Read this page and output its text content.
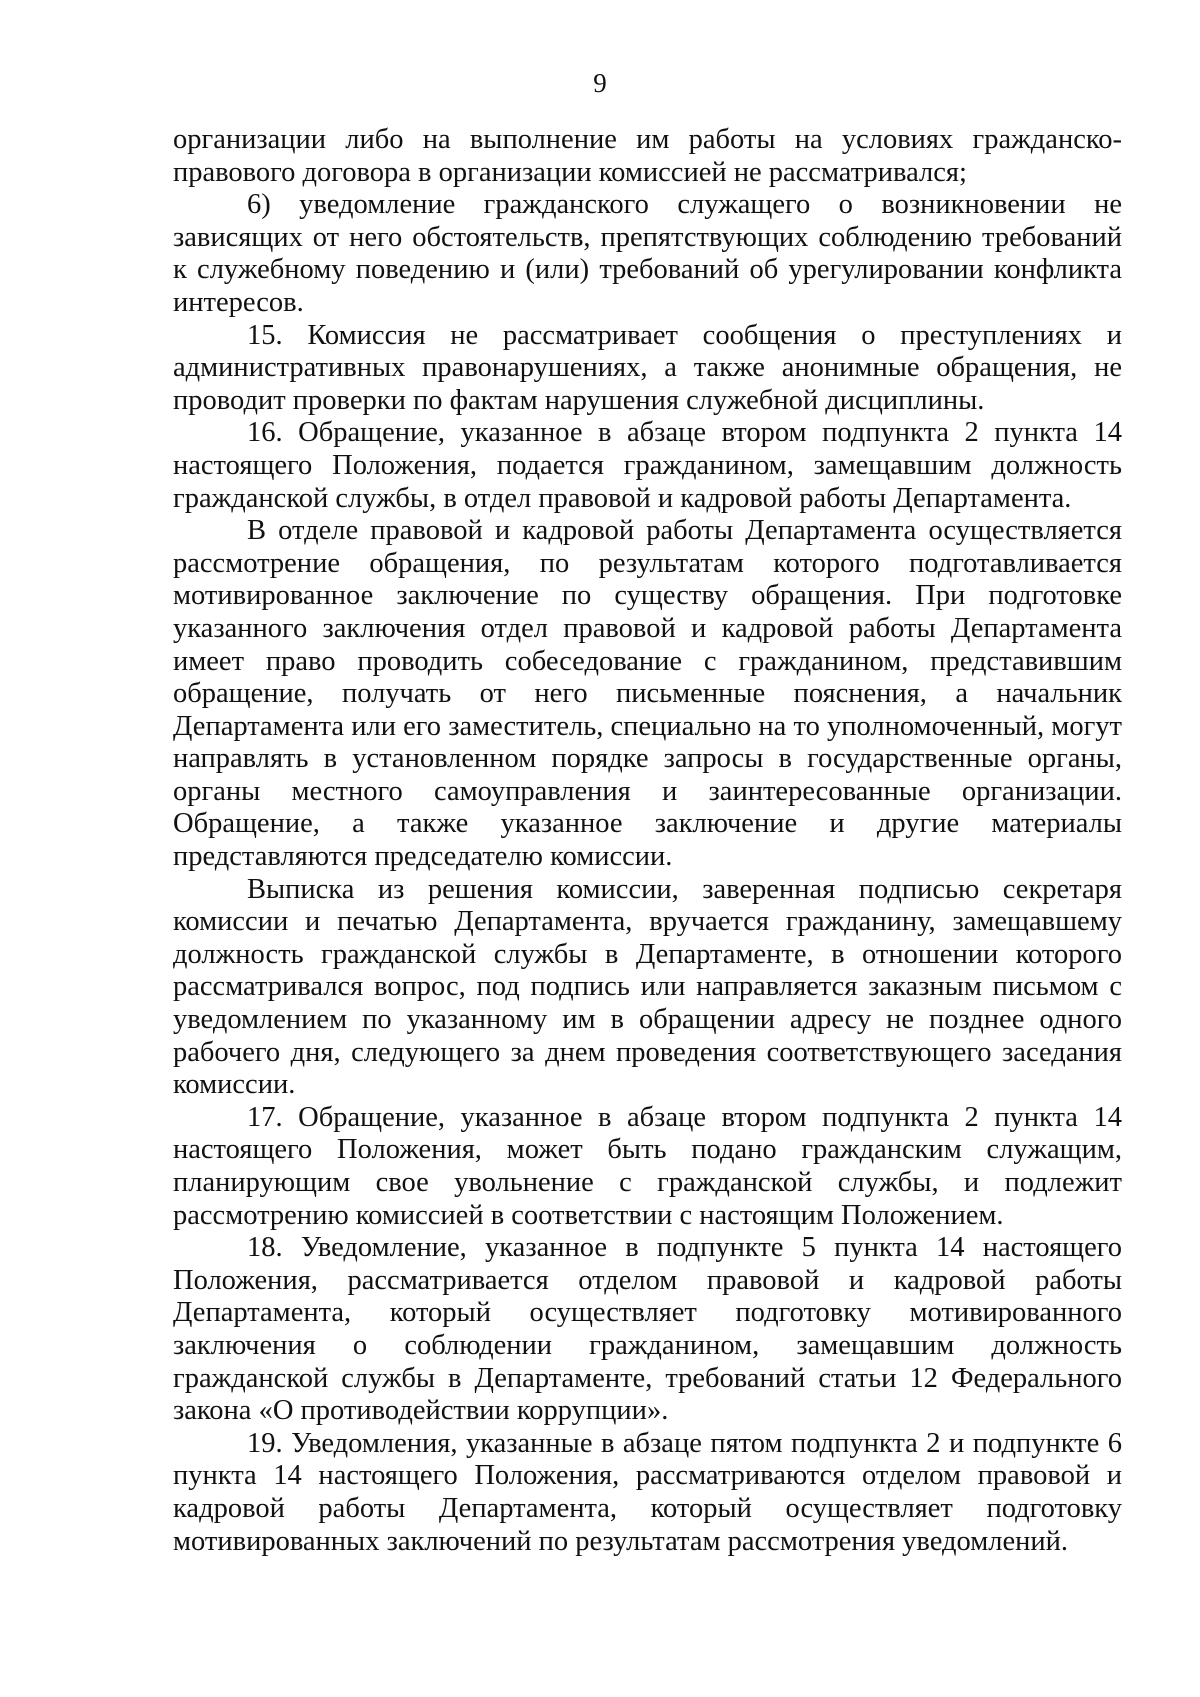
9

организации либо на выполнение им работы на условиях гражданско-правового договора в организации комиссией не рассматривался;

6) уведомление гражданского служащего о возникновении не зависящих от него обстоятельств, препятствующих соблюдению требований к служебному поведению и (или) требований об урегулировании конфликта интересов.

15. Комиссия не рассматривает сообщения о преступлениях и административных правонарушениях, а также анонимные обращения, не проводит проверки по фактам нарушения служебной дисциплины.

16. Обращение, указанное в абзаце втором подпункта 2 пункта 14 настоящего Положения, подается гражданином, замещавшим должность гражданской службы, в отдел правовой и кадровой работы Департамента.

В отделе правовой и кадровой работы Департамента осуществляется рассмотрение обращения, по результатам которого подготавливается мотивированное заключение по существу обращения. При подготовке указанного заключения отдел правовой и кадровой работы Департамента имеет право проводить собеседование с гражданином, представившим обращение, получать от него письменные пояснения, а начальник Департамента или его заместитель, специально на то уполномоченный, могут направлять в установленном порядке запросы в государственные органы, органы местного самоуправления и заинтересованные организации. Обращение, а также указанное заключение и другие материалы представляются председателю комиссии.

Выписка из решения комиссии, заверенная подписью секретаря комиссии и печатью Департамента, вручается гражданину, замещавшему должность гражданской службы в Департаменте, в отношении которого рассматривался вопрос, под подпись или направляется заказным письмом с уведомлением по указанному им в обращении адресу не позднее одного рабочего дня, следующего за днем проведения соответствующего заседания комиссии.

17. Обращение, указанное в абзаце втором подпункта 2 пункта 14 настоящего Положения, может быть подано гражданским служащим, планирующим свое увольнение с гражданской службы, и подлежит рассмотрению комиссией в соответствии с настоящим Положением.

18. Уведомление, указанное в подпункте 5 пункта 14 настоящего Положения, рассматривается отделом правовой и кадровой работы Департамента, который осуществляет подготовку мотивированного заключения о соблюдении гражданином, замещавшим должность гражданской службы в Департаменте, требований статьи 12 Федерального закона «О противодействии коррупции».

19. Уведомления, указанные в абзаце пятом подпункта 2 и подпункте 6 пункта 14 настоящего Положения, рассматриваются отделом правовой и кадровой работы Департамента, который осуществляет подготовку мотивированных заключений по результатам рассмотрения уведомлений.
